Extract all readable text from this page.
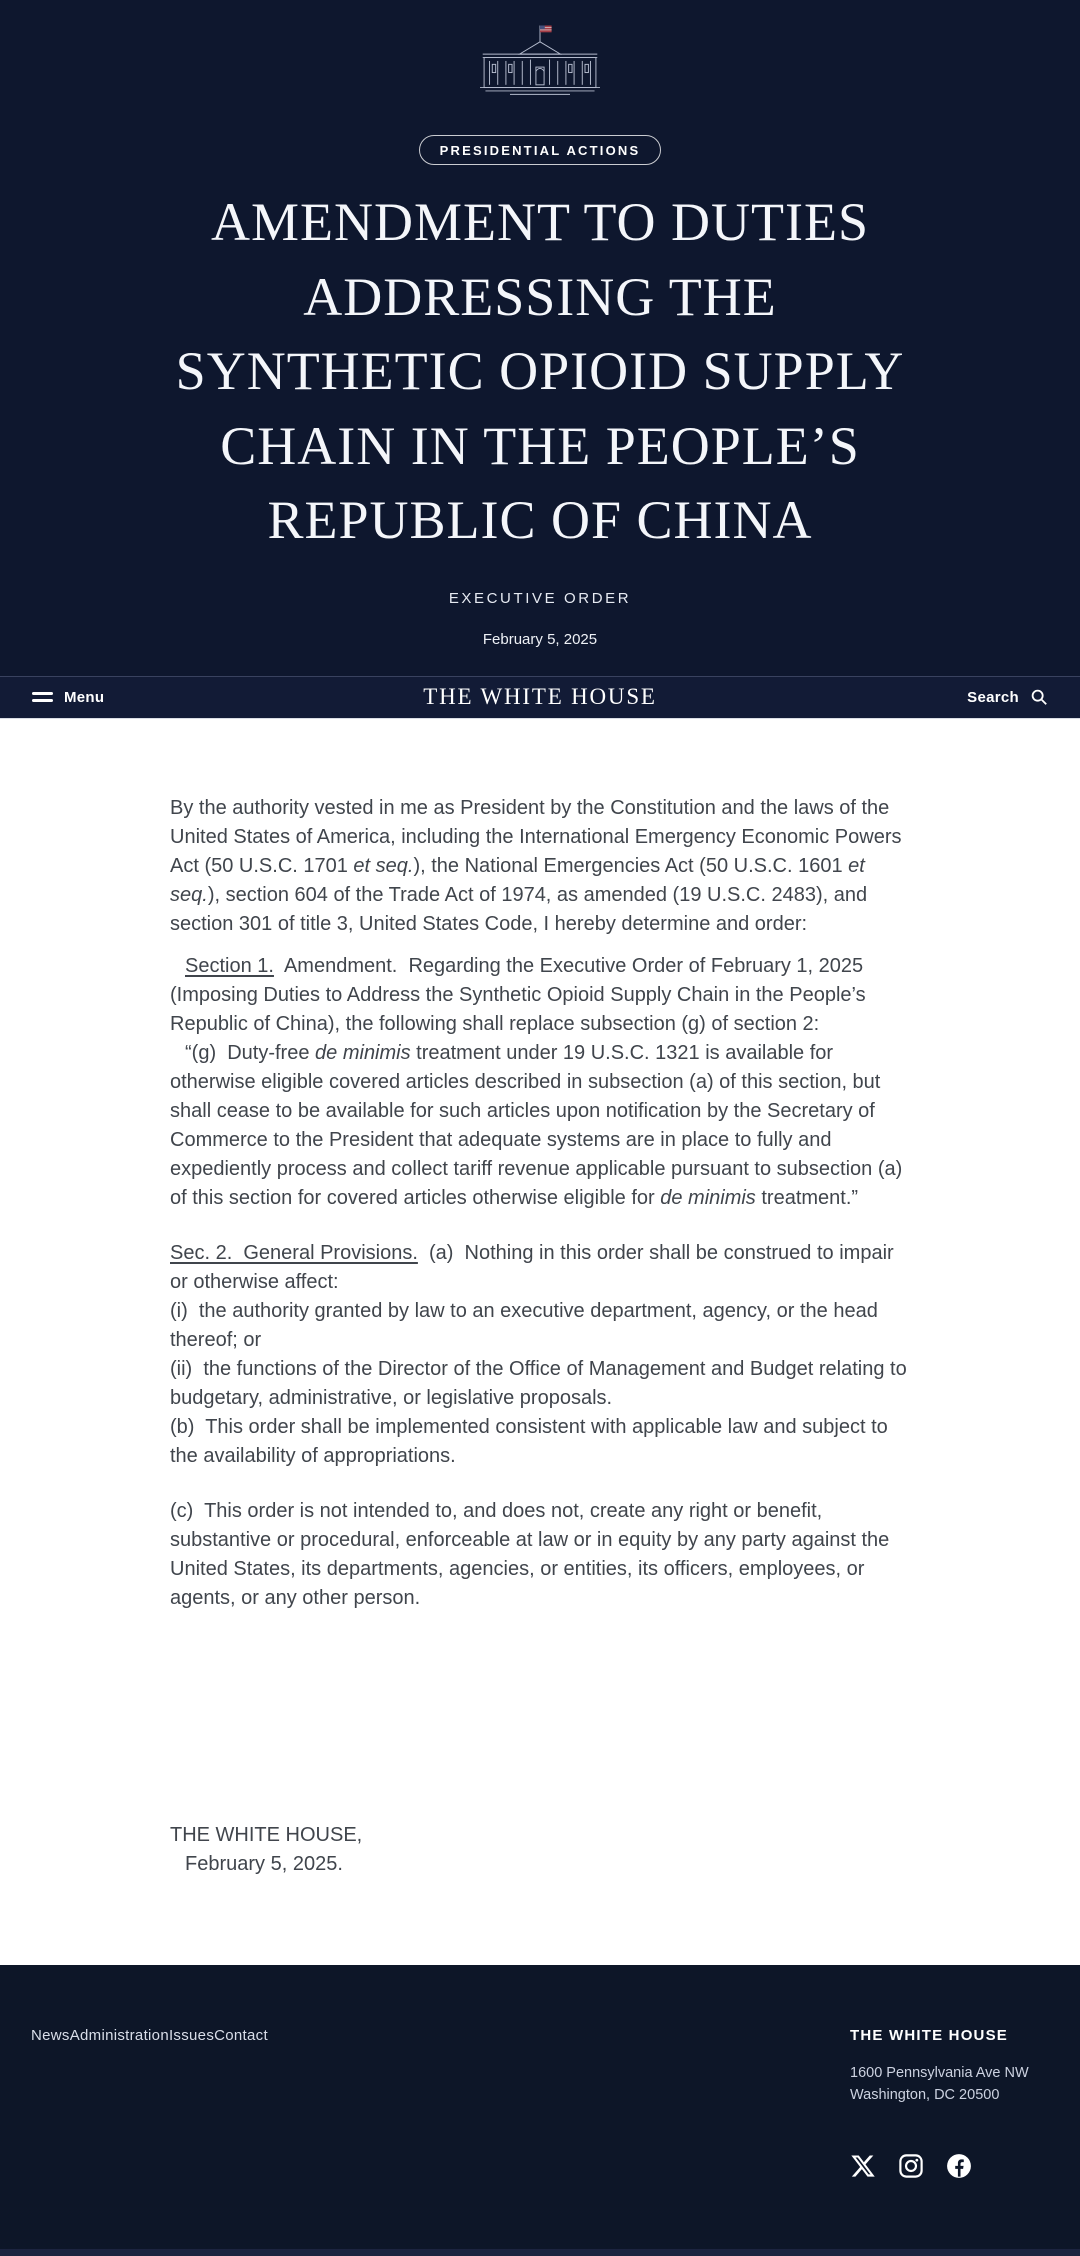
PRESIDENTIAL ACTIONS
AMENDMENT TO DUTIES
ADDRESSING THE
SYNTHETIC OPIOID SUPPLY
CHAIN IN THE PEOPLE’S
REPUBLIC OF CHINA
EXECUTIVE ORDER
February 5, 2025
Menu	THE WHITE HOUSE	Search

By the authority vested in me as President by the Constitution and the laws of the United States of America, including the International Emergency Economic Powers Act (50 U.S.C. 1701 et seq.), the National Emergencies Act (50 U.S.C. 1601 et seq.), section 604 of the Trade Act of 1974, as amended (19 U.S.C. 2483), and section 301 of title 3, United States Code, I hereby determine and order:

Section 1.  Amendment.  Regarding the Executive Order of February 1, 2025 (Imposing Duties to Address the Synthetic Opioid Supply Chain in the People’s Republic of China), the following shall replace subsection (g) of section 2:

“(g)  Duty-free de minimis treatment under 19 U.S.C. 1321 is available for otherwise eligible covered articles described in subsection (a) of this section, but shall cease to be available for such articles upon notification by the Secretary of Commerce to the President that adequate systems are in place to fully and expediently process and collect tariff revenue applicable pursuant to subsection (a) of this section for covered articles otherwise eligible for de minimis treatment.”

Sec. 2.  General Provisions.  (a)  Nothing in this order shall be construed to impair or otherwise affect:

(i)  the authority granted by law to an executive department, agency, or the head thereof; or

(ii)  the functions of the Director of the Office of Management and Budget relating to budgetary, administrative, or legislative proposals.

(b)  This order shall be implemented consistent with applicable law and subject to the availability of appropriations.

(c)  This order is not intended to, and does not, create any right or benefit, substantive or procedural, enforceable at law or in equity by any party against the United States, its departments, agencies, or entities, its officers, employees, or agents, or any other person.

THE WHITE HOUSE,
February 5, 2025.
NewsAdministrationIssuesContact	THE WHITE HOUSE
1600 Pennsylvania Ave NW
Washington, DC 20500
